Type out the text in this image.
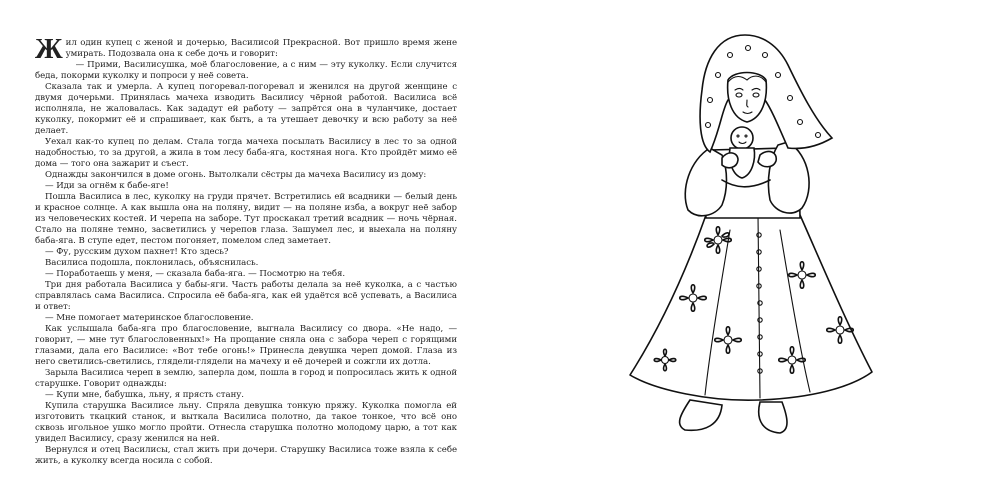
Жил один купец с женой и дочерью, Василисой Прекрасной. Вот пришло время жене умирать. Подозвала она к себе дочь и говорит:

— Прими, Василисушка, моё благословение, а с ним — эту куколку. Если случится беда, покорми куколку и попроси у неё совета.

Сказала так и умерла. А купец погоревал-погоревал и женился на другой женщине с двумя дочерьми. Принялась мачеха изводить Василису чёрной работой. Василиса всё исполняла, не жаловалась. Как зададут ей работу — запрётся она в чуланчике, достает куколку, покормит её и спрашивает, как быть, а та утешает девочку и всю работу за неё делает.

Уехал как-то купец по делам. Стала тогда мачеха посылать Василису в лес то за одной надобностью, то за другой, а жила в том лесу баба-яга, костяная нога. Кто пройдёт мимо её дома — того она зажарит и съест.

Однажды закончился в доме огонь. Вытолкали сёстры да мачеха Василису из дому:

— Иди за огнём к бабе-яге!

Пошла Василиса в лес, куколку на груди прячет. Встретились ей всадники — белый день и красное солнце. А как вышла она на поляну, видит — на поляне изба, а вокруг неё забор из человеческих костей. И черепа на заборе. Тут проскакал третий всадник — ночь чёрная. Стало на поляне темно, засветились у черепов глаза. Зашумел лес, и выехала на поляну баба-яга. В ступе едет, пестом погоняет, помелом след заметает.

— Фу, русским духом пахнет! Кто здесь?

Василиса подошла, поклонилась, объяснилась.

— Поработаешь у меня, — сказала баба-яга. — Посмотрю на тебя.

Три дня работала Василиса у бабы-яги. Часть работы делала за неё куколка, а с частью справлялась сама Василиса. Спросила её баба-яга, как ей удаётся всё успевать, а Василиса и ответ:

— Мне помогает материнское благословение.

Как услышала баба-яга про благословение, выгнала Василису со двора. «Не надо, — говорит, — мне тут благословенных!» На прощание сняла она с забора череп с горящими глазами, дала его Василисе: «Вот тебе огонь!» Принесла девушка череп домой. Глаза из него светились-светились, глядели-глядели на мачеху и её дочерей и сожгли их дотла.

Зарыла Василиса череп в землю, заперла дом, пошла в город и попросилась жить к одной старушке. Говорит однажды:

— Купи мне, бабушка, льну, я прясть стану.

Купила старушка Василисе льну. Спряла девушка тонкую пряжу. Куколка помогла ей изготовить ткацкий станок, и выткала Василиса полотно, да такое тонкое, что всё оно сквозь игольное ушко могло пройти. Отнесла старушка полотно молодому царю, а тот как увидел Василису, сразу женился на ней.

Вернулся и отец Василисы, стал жить при дочери. Старушку Василиса тоже взяла к себе жить, а куколку всегда носила с собой.
